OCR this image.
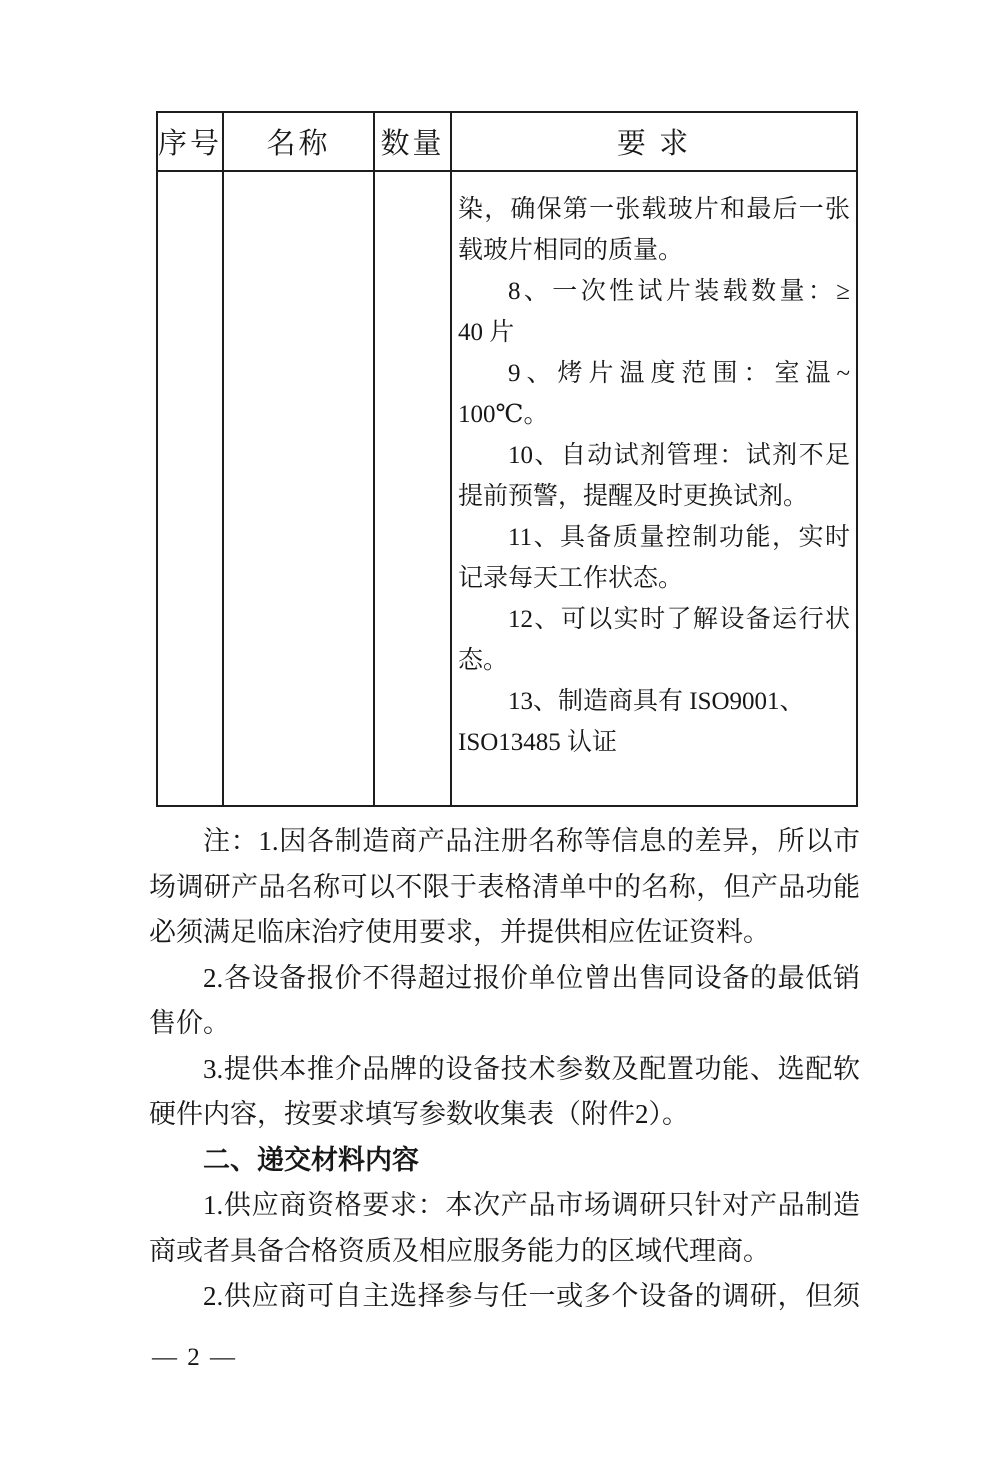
序号	名称	数量	要 求
染，确保第一张载玻片和最后一张
载玻片相同的质量。
8、一次性试片装载数量：≥
40 片
9、烤片温度范围：室温~
100℃。
10、自动试剂管理：试剂不足
提前预警，提醒及时更换试剂。
11、具备质量控制功能，实时
记录每天工作状态。
12、可以实时了解设备运行状
态。
13、制造商具有 ISO9001、
ISO13485 认证
注：1.因各制造商产品注册名称等信息的差异，所以市
场调研产品名称可以不限于表格清单中的名称，但产品功能
必须满足临床治疗使用要求，并提供相应佐证资料。
2.各设备报价不得超过报价单位曾出售同设备的最低销
售价。
3.提供本推介品牌的设备技术参数及配置功能、选配软
硬件内容，按要求填写参数收集表（附件2）。
二、递交材料内容
1.供应商资格要求：本次产品市场调研只针对产品制造
商或者具备合格资质及相应服务能力的区域代理商。
2.供应商可自主选择参与任一或多个设备的调研，但须
— 2 —
